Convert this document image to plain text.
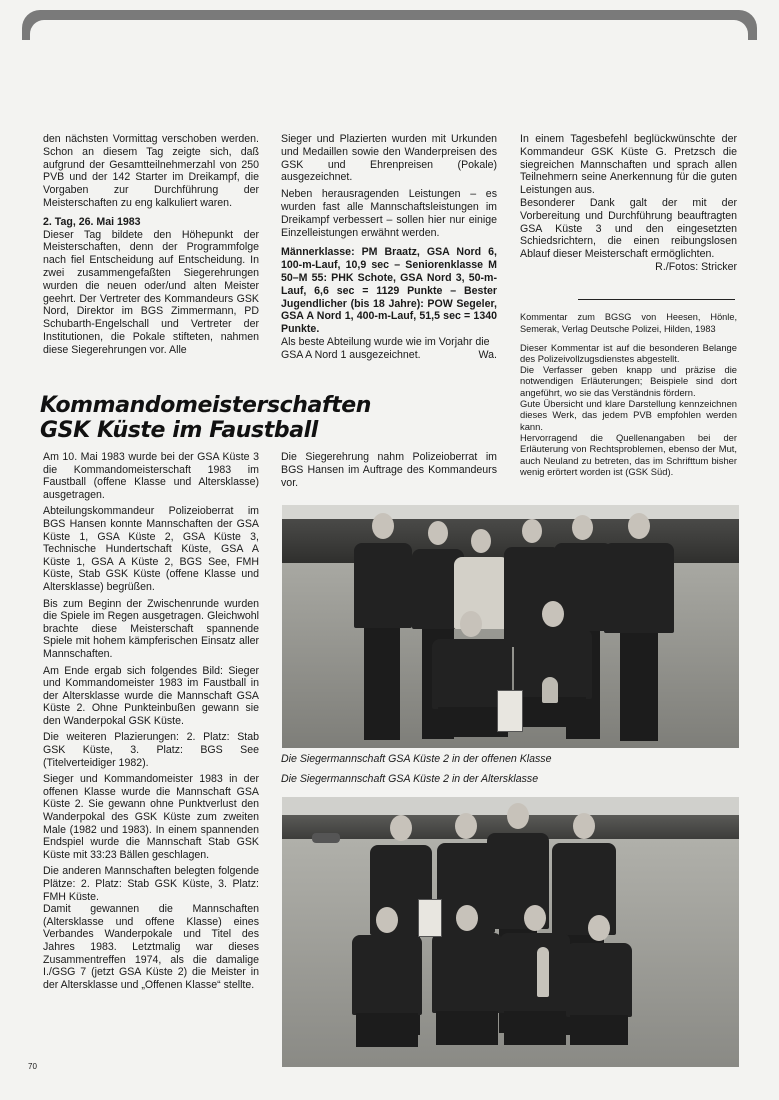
den nächsten Vormittag verschoben werden. Schon an diesem Tag zeigte sich, daß aufgrund der Gesamtteilnehmerzahl von 250 PVB und der 142 Starter im Dreikampf, die Vorgaben zur Durchführung der Meisterschaften zu eng kalkuliert waren.

2. Tag, 26. Mai 1983

Dieser Tag bildete den Höhepunkt der Meisterschaften, denn der Programmfolge nach fiel Entscheidung auf Entscheidung. In zwei zusammengefaßten Siegerehrungen wurden die neuen oder/und alten Meister geehrt. Der Vertreter des Kommandeurs GSK Nord, Direktor im BGS Zimmermann, PD Schubarth-Engelschall und Vertreter der Institutionen, die Pokale stifteten, nahmen diese Siegerehrungen vor. Alle

Sieger und Plazierten wurden mit Urkunden und Medaillen sowie den Wanderpreisen des GSK und Ehrenpreisen (Pokale) ausgezeichnet.

Neben herausragenden Leistungen – es wurden fast alle Mannschaftsleistungen im Dreikampf verbessert – sollen hier nur einige Einzelleistungen erwähnt werden.

Männerklasse: PM Braatz, GSA Nord 6, 100-m-Lauf, 10,9 sec – Seniorenklasse M 50–M 55: PHK Schote, GSA Nord 3, 50-m-Lauf, 6,6 sec = 1129 Punkte – Bester Jugendlicher (bis 18 Jahre): POW Segeler, GSA A Nord 1, 400-m-Lauf, 51,5 sec = 1340 Punkte.

Als beste Abteilung wurde wie im Vorjahr die GSA A Nord 1 ausgezeichnet.	Wa.

In einem Tagesbefehl beglückwünschte der Kommandeur GSK Küste G. Pretzsch die siegreichen Mannschaften und sprach allen Teilnehmern seine Anerkennung für die guten Leistungen aus.

Besonderer Dank galt der mit der Vorbereitung und Durchführung beauftragten GSA Küste 3 und den eingesetzten Schiedsrichtern, die einen reibungslosen Ablauf dieser Meisterschaft ermöglichten.

R./Fotos: Stricker

Kommentar zum BGSG von Heesen, Hönle, Semerak, Verlag Deutsche Polizei, Hilden, 1983

Dieser Kommentar ist auf die besonderen Belange des Polizeivollzugsdienstes abgestellt.

Die Verfasser geben knapp und präzise die notwendigen Erläuterungen; Beispiele sind dort angeführt, wo sie das Verständnis fördern.

Gute Übersicht und klare Darstellung kennzeichnen dieses Werk, das jedem PVB empfohlen werden kann.

Hervorragend die Quellenangaben bei der Erläuterung von Rechtsproblemen, ebenso der Mut, auch Neuland zu betreten, das im Schrifttum bisher wenig erörtert worden ist (GSK Süd).

Kommandomeisterschaften
GSK Küste im Faustball

Am 10. Mai 1983 wurde bei der GSA Küste 3 die Kommandomeisterschaft 1983 im Faustball (offene Klasse und Altersklasse) ausgetragen.

Abteilungskommandeur Polizeioberrat im BGS Hansen konnte Mannschaften der GSA Küste 1, GSA Küste 2, GSA Küste 3, Technische Hundertschaft Küste, GSA A Küste 1, GSA A Küste 2, BGS See, FMH Küste, Stab GSK Küste (offene Klasse und Altersklasse) begrüßen.

Bis zum Beginn der Zwischenrunde wurden die Spiele im Regen ausgetragen. Gleichwohl brachte diese Meisterschaft spannende Spiele mit hohem kämpferischen Einsatz aller Mannschaften.

Am Ende ergab sich folgendes Bild: Sieger und Kommandomeister 1983 im Faustball in der Altersklasse wurde die Mannschaft GSA Küste 2. Ohne Punkteinbußen gewann sie den Wanderpokal GSK Küste.

Die weiteren Plazierungen: 2. Platz: Stab GSK Küste, 3. Platz: BGS See (Titelverteidiger 1982).

Sieger und Kommandomeister 1983 in der offenen Klasse wurde die Mannschaft GSA Küste 2. Sie gewann ohne Punktverlust den Wanderpokal des GSK Küste zum zweiten Male (1982 und 1983). In einem spannenden Endspiel wurde die Mannschaft Stab GSK Küste mit 33:23 Bällen geschlagen.

Die anderen Mannschaften belegten folgende Plätze: 2. Platz: Stab GSK Küste, 3. Platz: FMH Küste.

Damit gewannen die Mannschaften (Altersklasse und offene Klasse) eines Verbandes Wanderpokale und Titel des Jahres 1983. Letztmalig war dieses Zusammentreffen 1974, als die damalige I./GSG 7 (jetzt GSA Küste 2) die Meister in der Altersklasse und „Offenen Klasse“ stellte.

Die Siegerehrung nahm Polizeioberrat im BGS Hansen im Auftrage des Kommandeurs vor.

Die Siegermannschaft GSA Küste 2 in der offenen Klasse
Die Siegermannschaft GSA Küste 2 in der Altersklasse
70
